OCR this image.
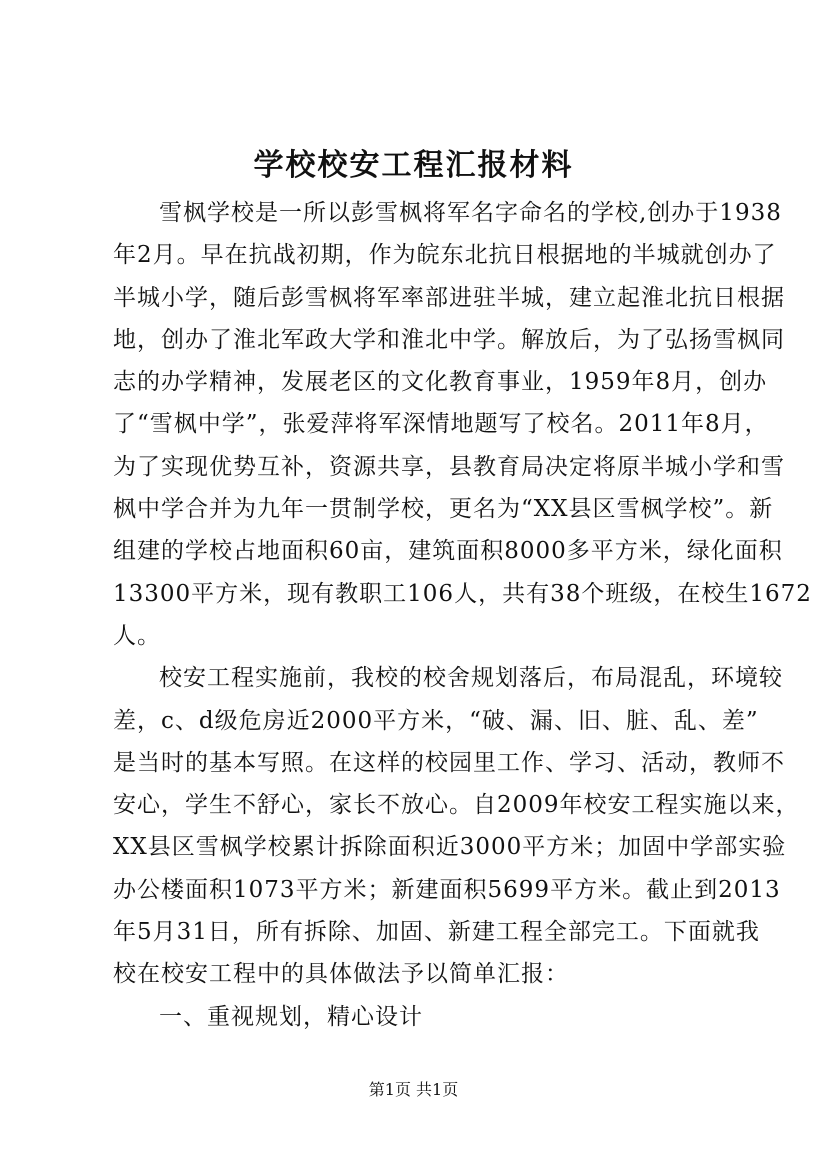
学校校安工程汇报材料
雪枫学校是一所以彭雪枫将军名字命名的学校,创办于1938
年2月。早在抗战初期，作为皖东北抗日根据地的半城就创办了
半城小学，随后彭雪枫将军率部进驻半城，建立起淮北抗日根据
地，创办了淮北军政大学和淮北中学。解放后，为了弘扬雪枫同
志的办学精神，发展老区的文化教育事业，1959年8月，创办
了“雪枫中学”，张爱萍将军深情地题写了校名。2011年8月，
为了实现优势互补，资源共享，县教育局决定将原半城小学和雪
枫中学合并为九年一贯制学校，更名为“XX县区雪枫学校”。新
组建的学校占地面积60亩，建筑面积8000多平方米，绿化面积
13300平方米，现有教职工106人，共有38个班级，在校生1672
人。
校安工程实施前，我校的校舍规划落后，布局混乱，环境较
差，c、d级危房近2000平方米，“破、漏、旧、脏、乱、差”
是当时的基本写照。在这样的校园里工作、学习、活动，教师不
安心，学生不舒心，家长不放心。自2009年校安工程实施以来，
XX县区雪枫学校累计拆除面积近3000平方米；加固中学部实验
办公楼面积1073平方米；新建面积5699平方米。截止到2013
年5月31日，所有拆除、加固、新建工程全部完工。下面就我
校在校安工程中的具体做法予以简单汇报：
一、重视规划，精心设计
第1页 共1页
